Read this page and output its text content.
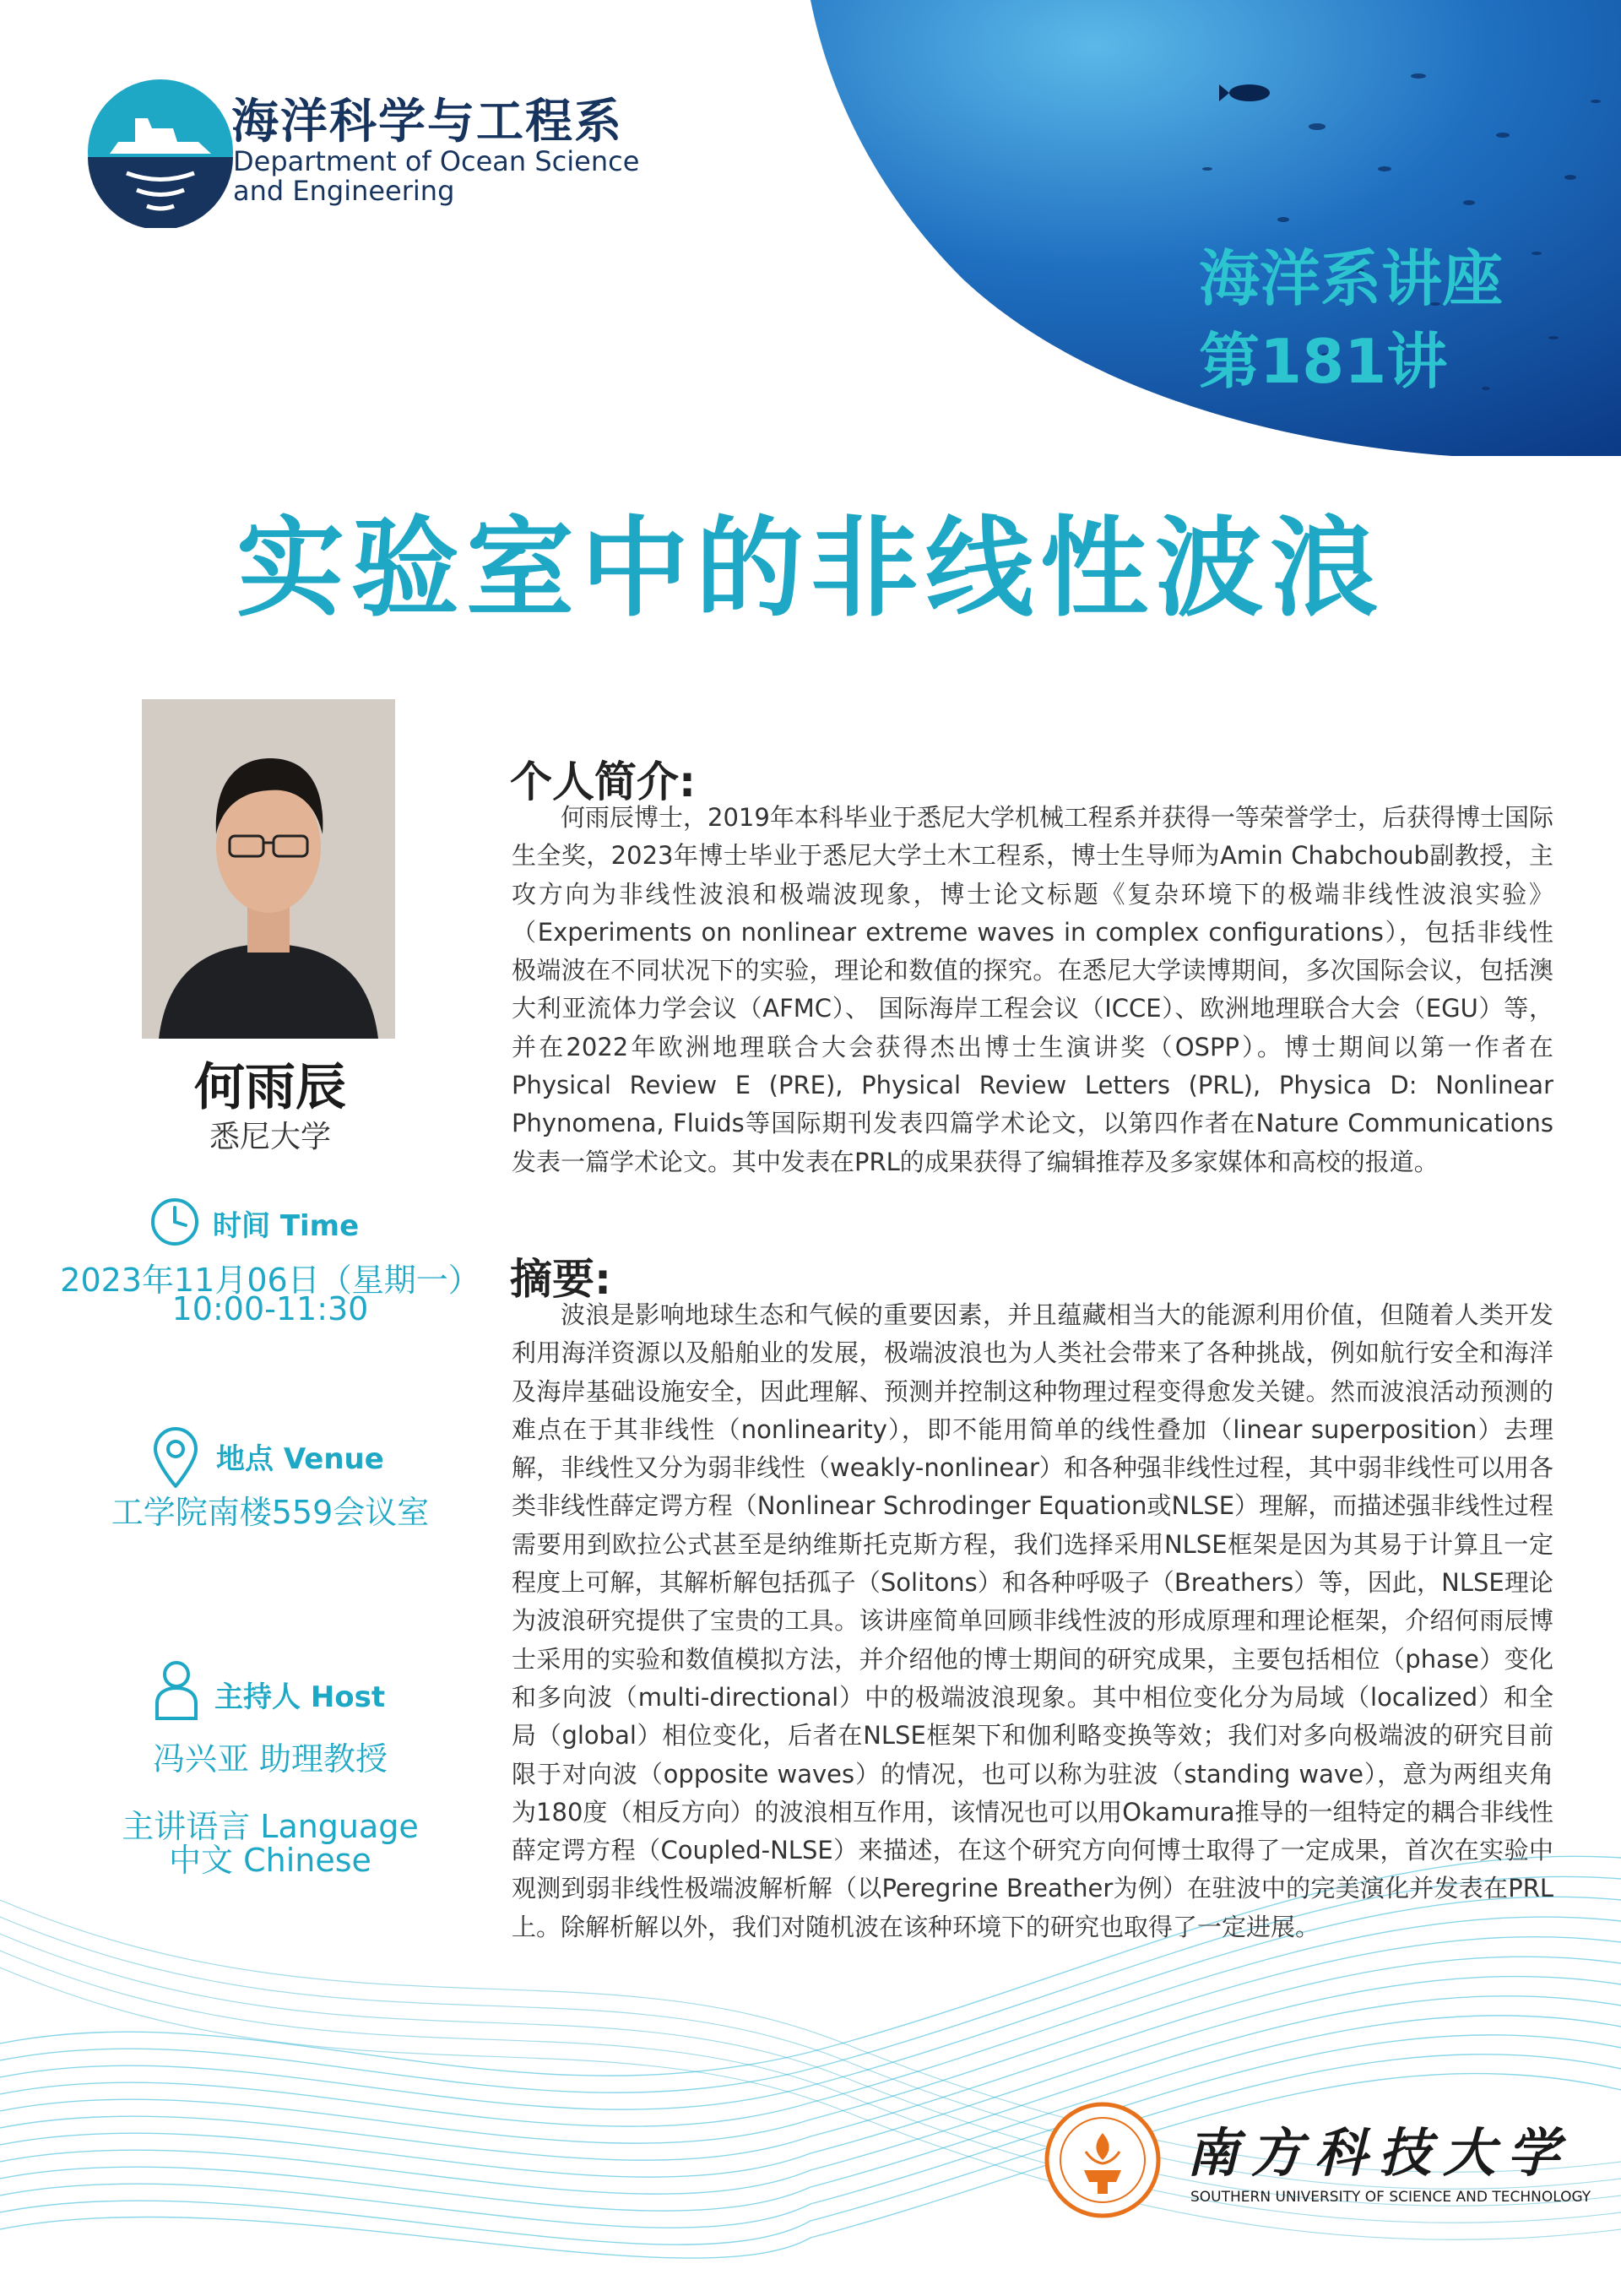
海洋科学与工程系
Department of Ocean Science
and Engineering
海洋系讲座
第181讲
实验室中的非线性波浪
何雨辰
悉尼大学
时间 Time
2023年11月06日（星期一）
10:00-11:30
地点 Venue
工学院南楼559会议室
主持人 Host
冯兴亚 助理教授
主讲语言 Language
中文 Chinese
个人简介:
何雨辰博士，2019年本科毕业于悉尼大学机械工程系并获得一等荣誉学士，后获得博士国际生全奖，2023年博士毕业于悉尼大学土木工程系，博士生导师为Amin Chabchoub副教授，主攻方向为非线性波浪和极端波现象，博士论文标题《复杂环境下的极端非线性波浪实验》（Experiments on nonlinear extreme waves in complex configurations），包括非线性极端波在不同状况下的实验，理论和数值的探究。在悉尼大学读博期间，多次国际会议，包括澳大利亚流体力学会议（AFMC）、 国际海岸工程会议（ICCE）、欧洲地理联合大会（EGU）等，并在2022年欧洲地理联合大会获得杰出博士生演讲奖（OSPP）。博士期间以第一作者在Physical Review E (PRE), Physical Review Letters (PRL), Physica D: Nonlinear Phynomena, Fluids等国际期刊发表四篇学术论文，以第四作者在Nature Communications发表一篇学术论文。其中发表在PRL的成果获得了编辑推荐及多家媒体和高校的报道。
摘要:
波浪是影响地球生态和气候的重要因素，并且蕴藏相当大的能源利用价值，但随着人类开发利用海洋资源以及船舶业的发展，极端波浪也为人类社会带来了各种挑战，例如航行安全和海洋及海岸基础设施安全，因此理解、预测并控制这种物理过程变得愈发关键。然而波浪活动预测的难点在于其非线性（nonlinearity），即不能用简单的线性叠加（linear superposition）去理解，非线性又分为弱非线性（weakly-nonlinear）和各种强非线性过程，其中弱非线性可以用各类非线性薛定谔方程（Nonlinear Schrodinger Equation或NLSE）理解，而描述强非线性过程需要用到欧拉公式甚至是纳维斯托克斯方程，我们选择采用NLSE框架是因为其易于计算且一定程度上可解，其解析解包括孤子（Solitons）和各种呼吸子（Breathers）等，因此，NLSE理论为波浪研究提供了宝贵的工具。该讲座简单回顾非线性波的形成原理和理论框架，介绍何雨辰博士采用的实验和数值模拟方法，并介绍他的博士期间的研究成果，主要包括相位（phase）变化和多向波（multi-directional）中的极端波浪现象。其中相位变化分为局域（localized）和全局（global）相位变化，后者在NLSE框架下和伽利略变换等效；我们对多向极端波的研究目前限于对向波（opposite waves）的情况，也可以称为驻波（standing wave），意为两组夹角为180度（相反方向）的波浪相互作用，该情况也可以用Okamura推导的一组特定的耦合非线性薛定谔方程（Coupled-NLSE）来描述，在这个研究方向何博士取得了一定成果，首次在实验中观测到弱非线性极端波解析解（以Peregrine Breather为例）在驻波中的完美演化并发表在PRL上。除解析解以外，我们对随机波在该种环境下的研究也取得了一定进展。
南方科技大学
SOUTHERN UNIVERSITY OF SCIENCE AND TECHNOLOGY
